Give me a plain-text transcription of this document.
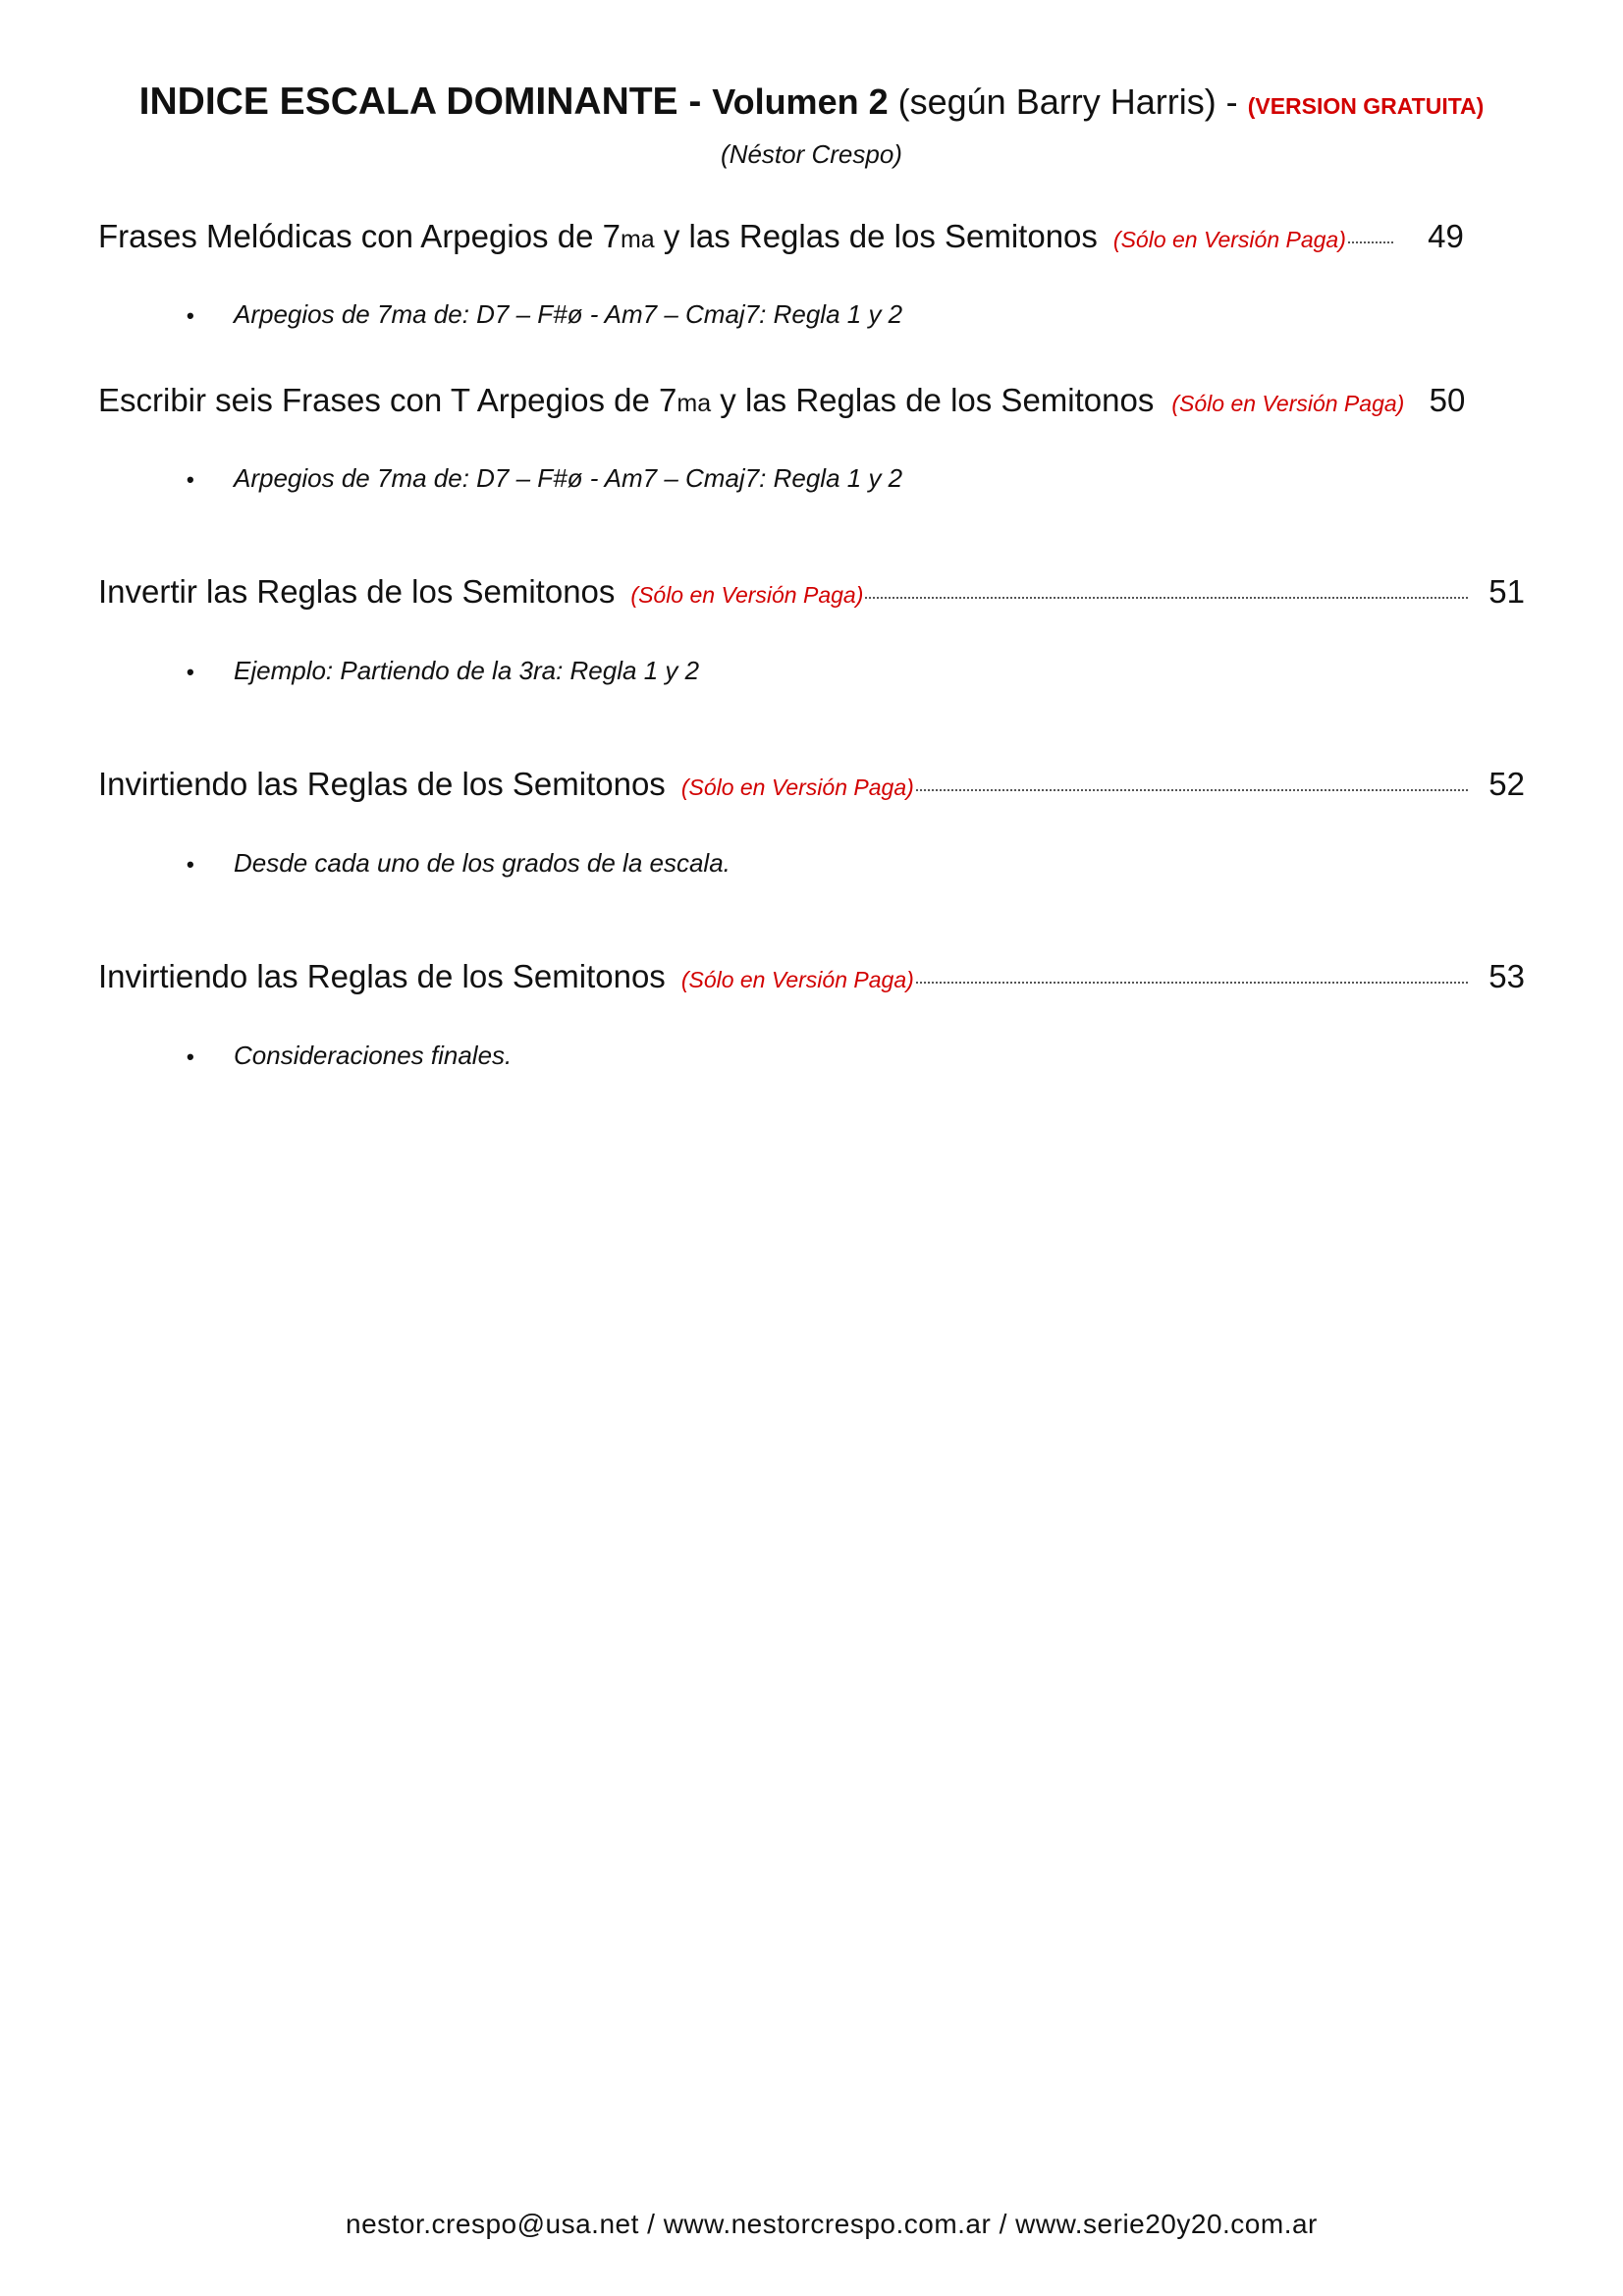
INDICE ESCALA DOMINANTE - Volumen 2 (según Barry Harris) - (VERSION GRATUITA)
(Néstor Crespo)
Frases Melódicas con Arpegios de 7ma y las Reglas de los Semitonos (Sólo en Versión Paga)	49
• Arpegios de 7ma de: D7 – F#ø - Am7 – Cmaj7: Regla 1 y 2
Escribir seis Frases con T Arpegios de 7ma y las Reglas de los Semitonos (Sólo en Versión Paga) 50
• Arpegios de 7ma de: D7 – F#ø - Am7 – Cmaj7: Regla 1 y 2
Invertir las Reglas de los Semitonos (Sólo en Versión Paga)	51
• Ejemplo: Partiendo de la 3ra: Regla 1 y 2
Invirtiendo las Reglas de los Semitonos (Sólo en Versión Paga)	52
• Desde cada uno de los grados de la escala.
Invirtiendo las Reglas de los Semitonos (Sólo en Versión Paga)	53
• Consideraciones finales.
nestor.crespo@usa.net / www.nestorcrespo.com.ar / www.serie20y20.com.ar
